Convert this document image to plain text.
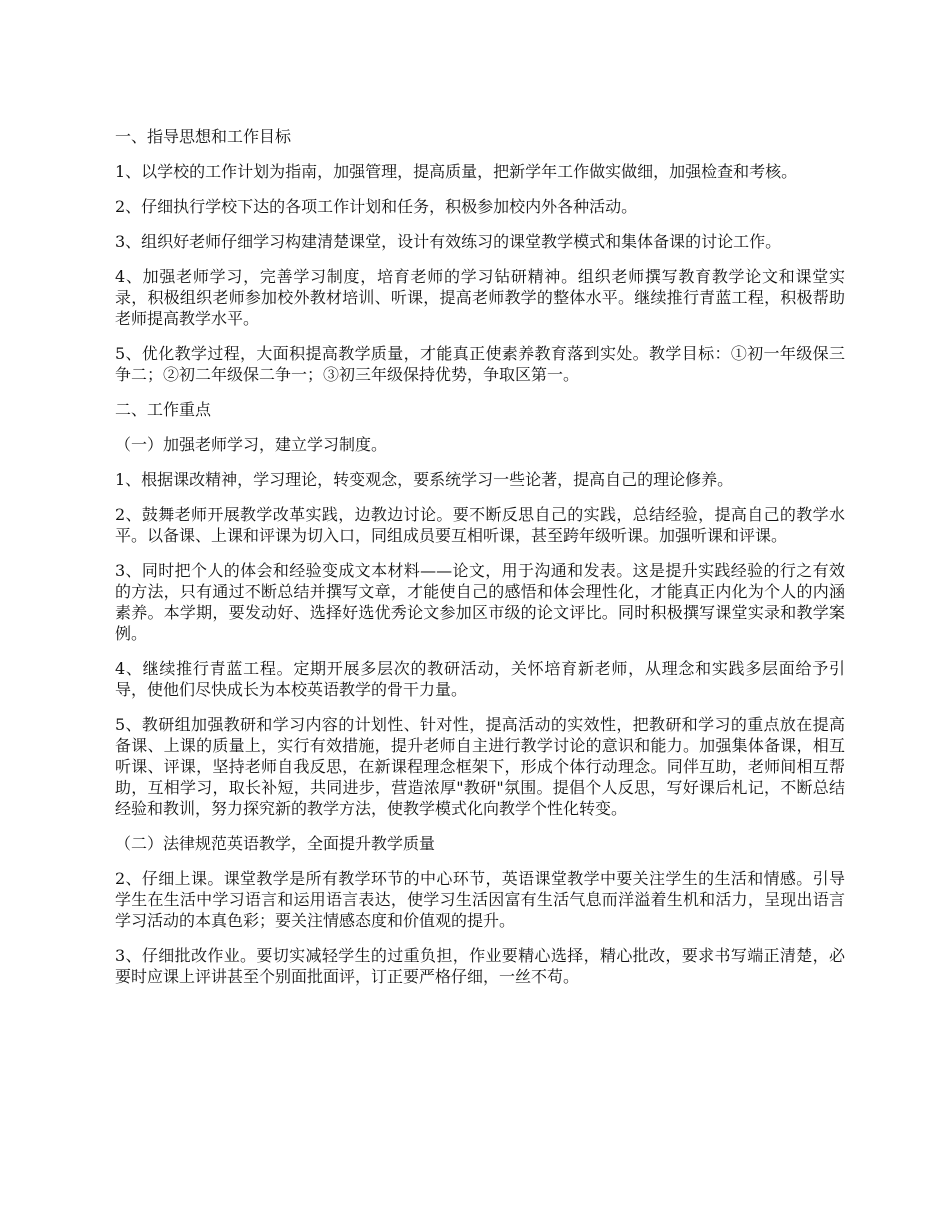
一、指导思想和工作目标

1、以学校的工作计划为指南，加强管理，提高质量，把新学年工作做实做细，加强检查和考核。

2、仔细执行学校下达的各项工作计划和任务，积极参加校内外各种活动。

3、组织好老师仔细学习构建清楚课堂，设计有效练习的课堂教学模式和集体备课的讨论工作。

4、加强老师学习，完善学习制度，培育老师的学习钻研精神。组织老师撰写教育教学论文和课堂实录，积极组织老师参加校外教材培训、听课，提高老师教学的整体水平。继续推行青蓝工程，积极帮助老师提高教学水平。

5、优化教学过程，大面积提高教学质量，才能真正使素养教育落到实处。教学目标：①初一年级保三争二；②初二年级保二争一；③初三年级保持优势，争取区第一。

二、工作重点

（一）加强老师学习，建立学习制度。

1、根据课改精神，学习理论，转变观念，要系统学习一些论著，提高自己的理论修养。

2、鼓舞老师开展教学改革实践，边教边讨论。要不断反思自己的实践，总结经验，提高自己的教学水平。以备课、上课和评课为切入口，同组成员要互相听课，甚至跨年级听课。加强听课和评课。

3、同时把个人的体会和经验变成文本材料——论文，用于沟通和发表。这是提升实践经验的行之有效的方法，只有通过不断总结并撰写文章，才能使自己的感悟和体会理性化，才能真正内化为个人的内涵素养。本学期，要发动好、选择好选优秀论文参加区市级的论文评比。同时积极撰写课堂实录和教学案例。

4、继续推行青蓝工程。定期开展多层次的教研活动，关怀培育新老师，从理念和实践多层面给予引导，使他们尽快成长为本校英语教学的骨干力量。

5、教研组加强教研和学习内容的计划性、针对性，提高活动的实效性，把教研和学习的重点放在提高备课、上课的质量上，实行有效措施，提升老师自主进行教学讨论的意识和能力。加强集体备课，相互听课、评课，坚持老师自我反思，在新课程理念框架下，形成个体行动理念。同伴互助，老师间相互帮助，互相学习，取长补短，共同进步，营造浓厚"教研"氛围。提倡个人反思，写好课后札记，不断总结经验和教训，努力探究新的教学方法，使教学模式化向教学个性化转变。

（二）法律规范英语教学，全面提升教学质量

2、仔细上课。课堂教学是所有教学环节的中心环节，英语课堂教学中要关注学生的生活和情感。引导学生在生活中学习语言和运用语言表达，使学习生活因富有生活气息而洋溢着生机和活力，呈现出语言学习活动的本真色彩；要关注情感态度和价值观的提升。

3、仔细批改作业。要切实减轻学生的过重负担，作业要精心选择，精心批改，要求书写端正清楚，必要时应课上评讲甚至个别面批面评，订正要严格仔细，一丝不苟。
